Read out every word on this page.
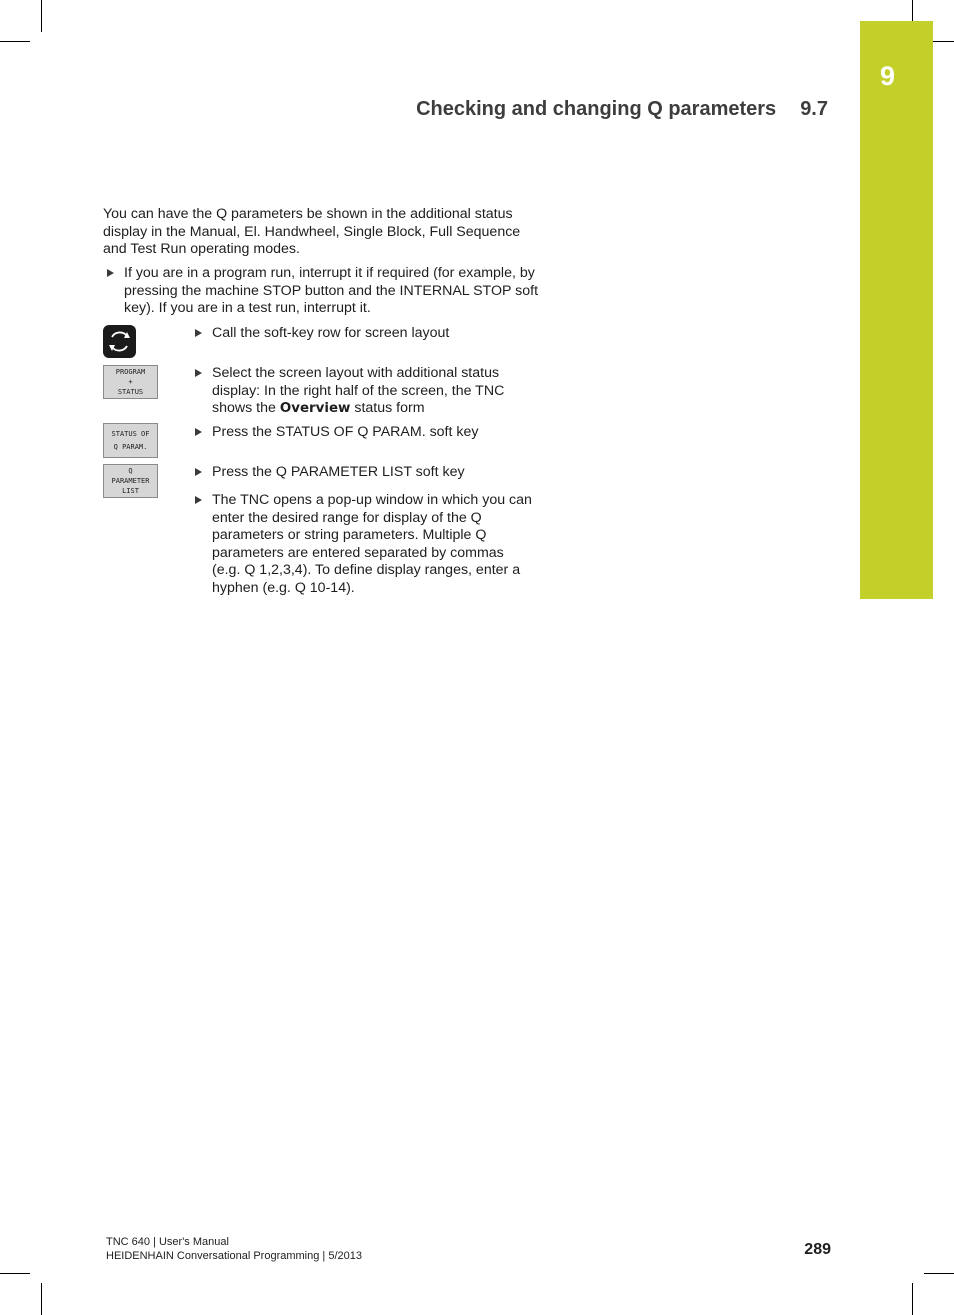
9
Checking and changing Q parameters 9.7
You can have the Q parameters be shown in the additional status display in the Manual, El. Handwheel, Single Block, Full Sequence and Test Run operating modes.
If you are in a program run, interrupt it if required (for example, by pressing the machine STOP button and the INTERNAL STOP soft key). If you are in a test run, interrupt it.
Call the soft-key row for screen layout
PROGRAM
+
STATUS
Select the screen layout with additional status display: In the right half of the screen, the TNC shows the Overview status form
STATUS OF
Q PARAM.
Press the STATUS OF Q PARAM. soft key
Q
PARAMETER
LIST
Press the Q PARAMETER LIST soft key
The TNC opens a pop-up window in which you can enter the desired range for display of the Q parameters or string parameters. Multiple Q parameters are entered separated by commas (e.g. Q 1,2,3,4). To define display ranges, enter a hyphen (e.g. Q 10-14).
TNC 640 | User's Manual
HEIDENHAIN Conversational Programming | 5/2013	289
